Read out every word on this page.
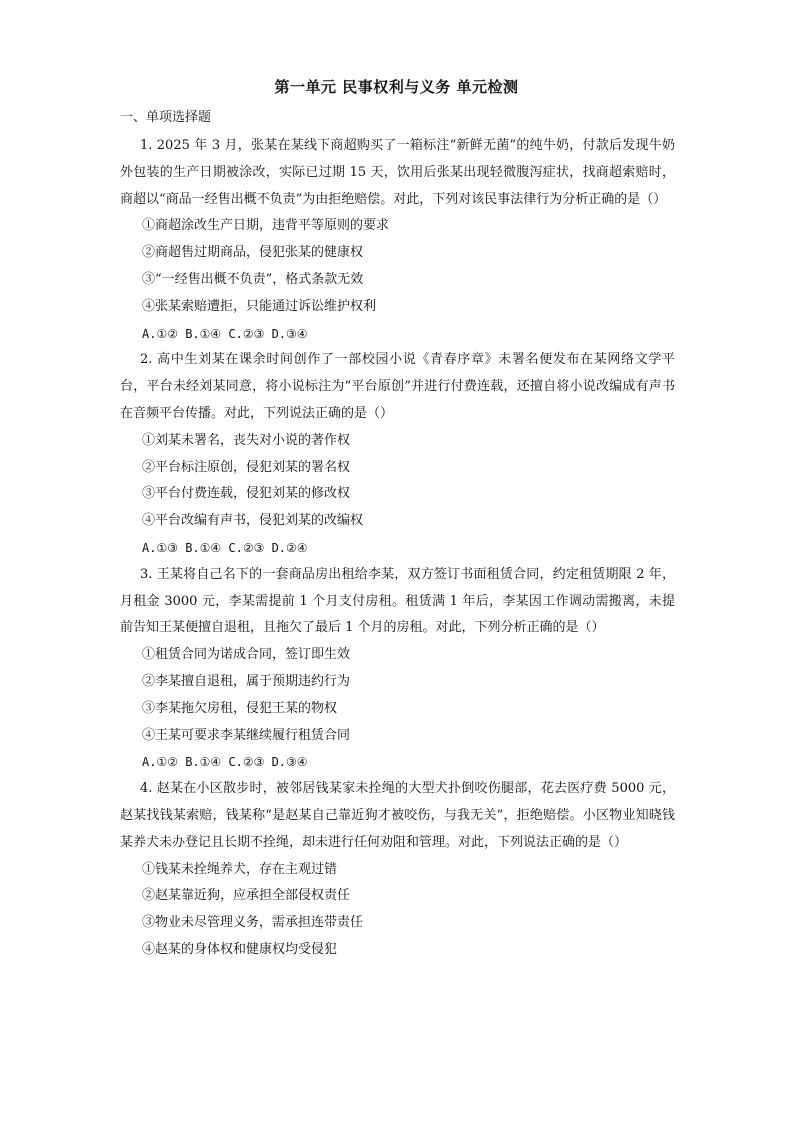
第一单元 民事权利与义务 单元检测
一、单项选择题

1. 2025 年 3 月，张某在某线下商超购买了一箱标注“新鲜无菌”的纯牛奶，付款后发现牛奶外包装的生产日期被涂改，实际已过期 15 天，饮用后张某出现轻微腹泻症状，找商超索赔时，商超以“商品一经售出概不负责”为由拒绝赔偿。对此，下列对该民事法律行为分析正确的是（）

①商超涂改生产日期，违背平等原则的要求

②商超售过期商品，侵犯张某的健康权

③“一经售出概不负责”，格式条款无效

④张某索赔遭拒，只能通过诉讼维护权利

A.①② B.①④ C.②③ D.③④

2. 高中生刘某在课余时间创作了一部校园小说《青春序章》未署名便发布在某网络文学平台，平台未经刘某同意，将小说标注为“平台原创”并进行付费连载，还擅自将小说改编成有声书在音频平台传播。对此，下列说法正确的是（）

①刘某未署名，丧失对小说的著作权

②平台标注原创，侵犯刘某的署名权

③平台付费连载，侵犯刘某的修改权

④平台改编有声书，侵犯刘某的改编权

A.①③ B.①④ C.②③ D.②④

3. 王某将自己名下的一套商品房出租给李某，双方签订书面租赁合同，约定租赁期限 2 年，月租金 3000 元，李某需提前 1 个月支付房租。租赁满 1 年后，李某因工作调动需搬离，未提前告知王某便擅自退租，且拖欠了最后 1 个月的房租。对此，下列分析正确的是（）

①租赁合同为诺成合同，签订即生效

②李某擅自退租，属于预期违约行为

③李某拖欠房租，侵犯王某的物权

④王某可要求李某继续履行租赁合同

A.①② B.①④ C.②③ D.③④

4. 赵某在小区散步时，被邻居钱某家未拴绳的大型犬扑倒咬伤腿部，花去医疗费 5000 元，赵某找钱某索赔，钱某称“是赵某自己靠近狗才被咬伤，与我无关”，拒绝赔偿。小区物业知晓钱某养犬未办登记且长期不拴绳，却未进行任何劝阻和管理。对此，下列说法正确的是（）

①钱某未拴绳养犬，存在主观过错

②赵某靠近狗，应承担全部侵权责任

③物业未尽管理义务，需承担连带责任

④赵某的身体权和健康权均受侵犯
